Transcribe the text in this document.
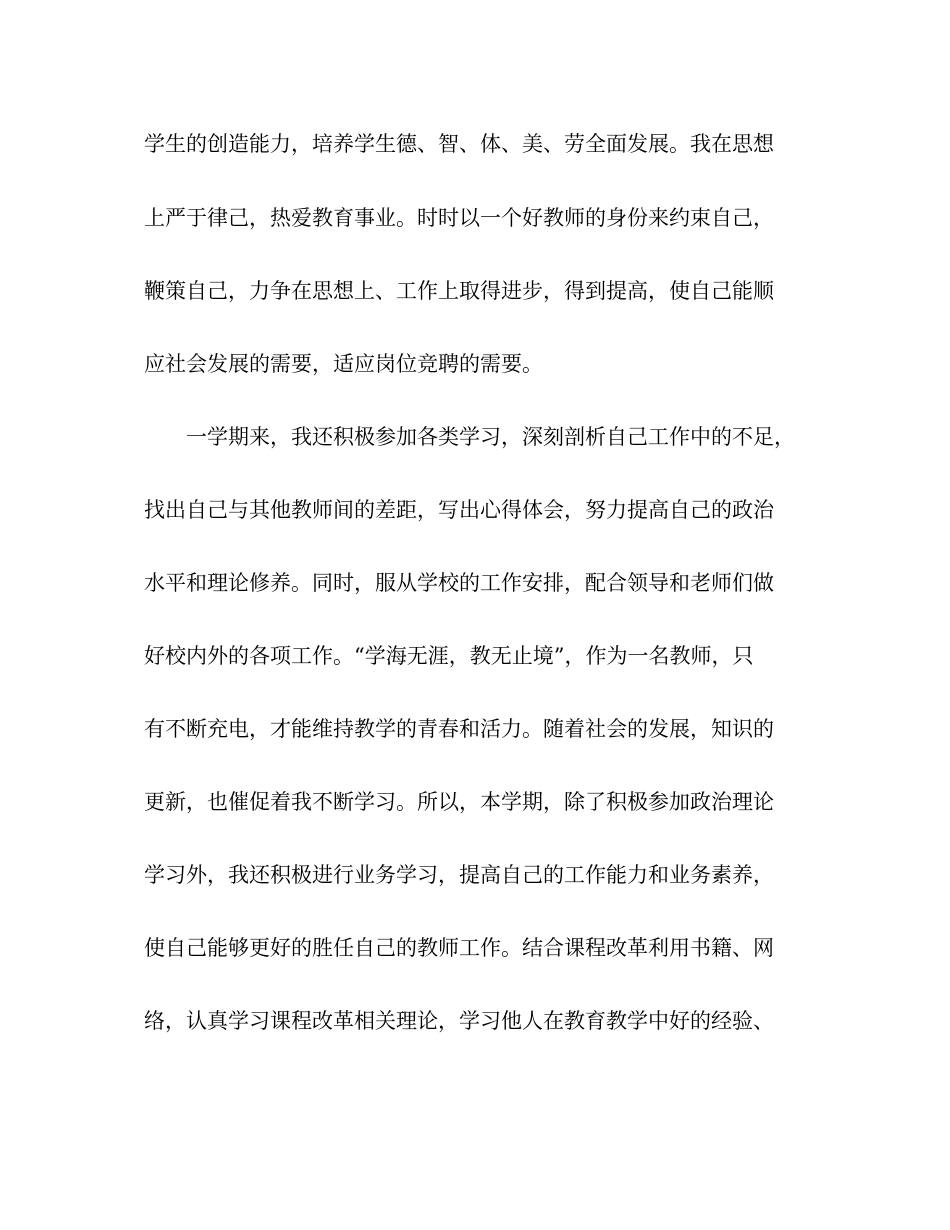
学生的创造能力，培养学生德、智、体、美、劳全面发展。我在思想
上严于律己，热爱教育事业。时时以一个好教师的身份来约束自己，
鞭策自己，力争在思想上、工作上取得进步，得到提高，使自己能顺
应社会发展的需要，适应岗位竞聘的需要。
一学期来，我还积极参加各类学习，深刻剖析自己工作中的不足，
找出自己与其他教师间的差距，写出心得体会，努力提高自己的政治
水平和理论修养。同时，服从学校的工作安排，配合领导和老师们做
好校内外的各项工作。“学海无涯，教无止境”，作为一名教师，只
有不断充电，才能维持教学的青春和活力。随着社会的发展，知识的
更新，也催促着我不断学习。所以，本学期，除了积极参加政治理论
学习外，我还积极进行业务学习，提高自己的工作能力和业务素养，
使自己能够更好的胜任自己的教师工作。结合课程改革利用书籍、网
络，认真学习课程改革相关理论，学习他人在教育教学中好的经验、
